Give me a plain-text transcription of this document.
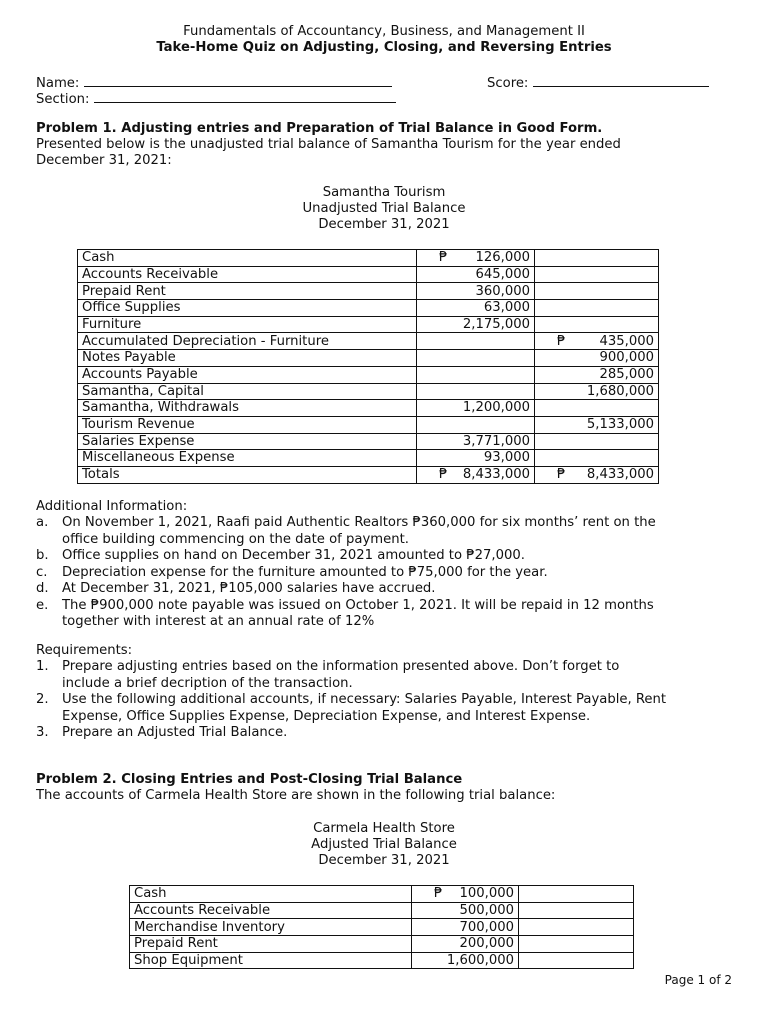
Fundamentals of Accountancy, Business, and Management II
Take-Home Quiz on Adjusting, Closing, and Reversing Entries
Name:
Section:
Score:
Problem 1. Adjusting entries and Preparation of Trial Balance in Good Form.
Presented below is the unadjusted trial balance of Samantha Tourism for the year ended
December 31, 2021:
Samantha Tourism
Unadjusted Trial Balance
December 31, 2021
Cash	₱ 126,000	
Accounts Receivable	645,000	
Prepaid Rent	360,000	
Office Supplies	63,000	
Furniture	2,175,000	
Accumulated Depreciation - Furniture		₱ 435,000
Notes Payable		900,000
Accounts Payable		285,000
Samantha, Capital		1,680,000
Samantha, Withdrawals	1,200,000	
Tourism Revenue		5,133,000
Salaries Expense	3,771,000	
Miscellaneous Expense	93,000	
Totals	₱ 8,433,000	₱ 8,433,000
Additional Information:
a. On November 1, 2021, Raafi paid Authentic Realtors ₱360,000 for six months’ rent on the
office building commencing on the date of payment.
b. Office supplies on hand on December 31, 2021 amounted to ₱27,000.
c. Depreciation expense for the furniture amounted to ₱75,000 for the year.
d. At December 31, 2021, ₱105,000 salaries have accrued.
e. The ₱900,000 note payable was issued on October 1, 2021. It will be repaid in 12 months
together with interest at an annual rate of 12%
Requirements:
1. Prepare adjusting entries based on the information presented above. Don’t forget to
include a brief decription of the transaction.
2. Use the following additional accounts, if necessary: Salaries Payable, Interest Payable, Rent
Expense, Office Supplies Expense, Depreciation Expense, and Interest Expense.
3. Prepare an Adjusted Trial Balance.
Problem 2. Closing Entries and Post-Closing Trial Balance
The accounts of Carmela Health Store are shown in the following trial balance:
Carmela Health Store
Adjusted Trial Balance
December 31, 2021
Cash	₱ 100,000	
Accounts Receivable	500,000	
Merchandise Inventory	700,000	
Prepaid Rent	200,000	
Shop Equipment	1,600,000	
Page 1 of 2
